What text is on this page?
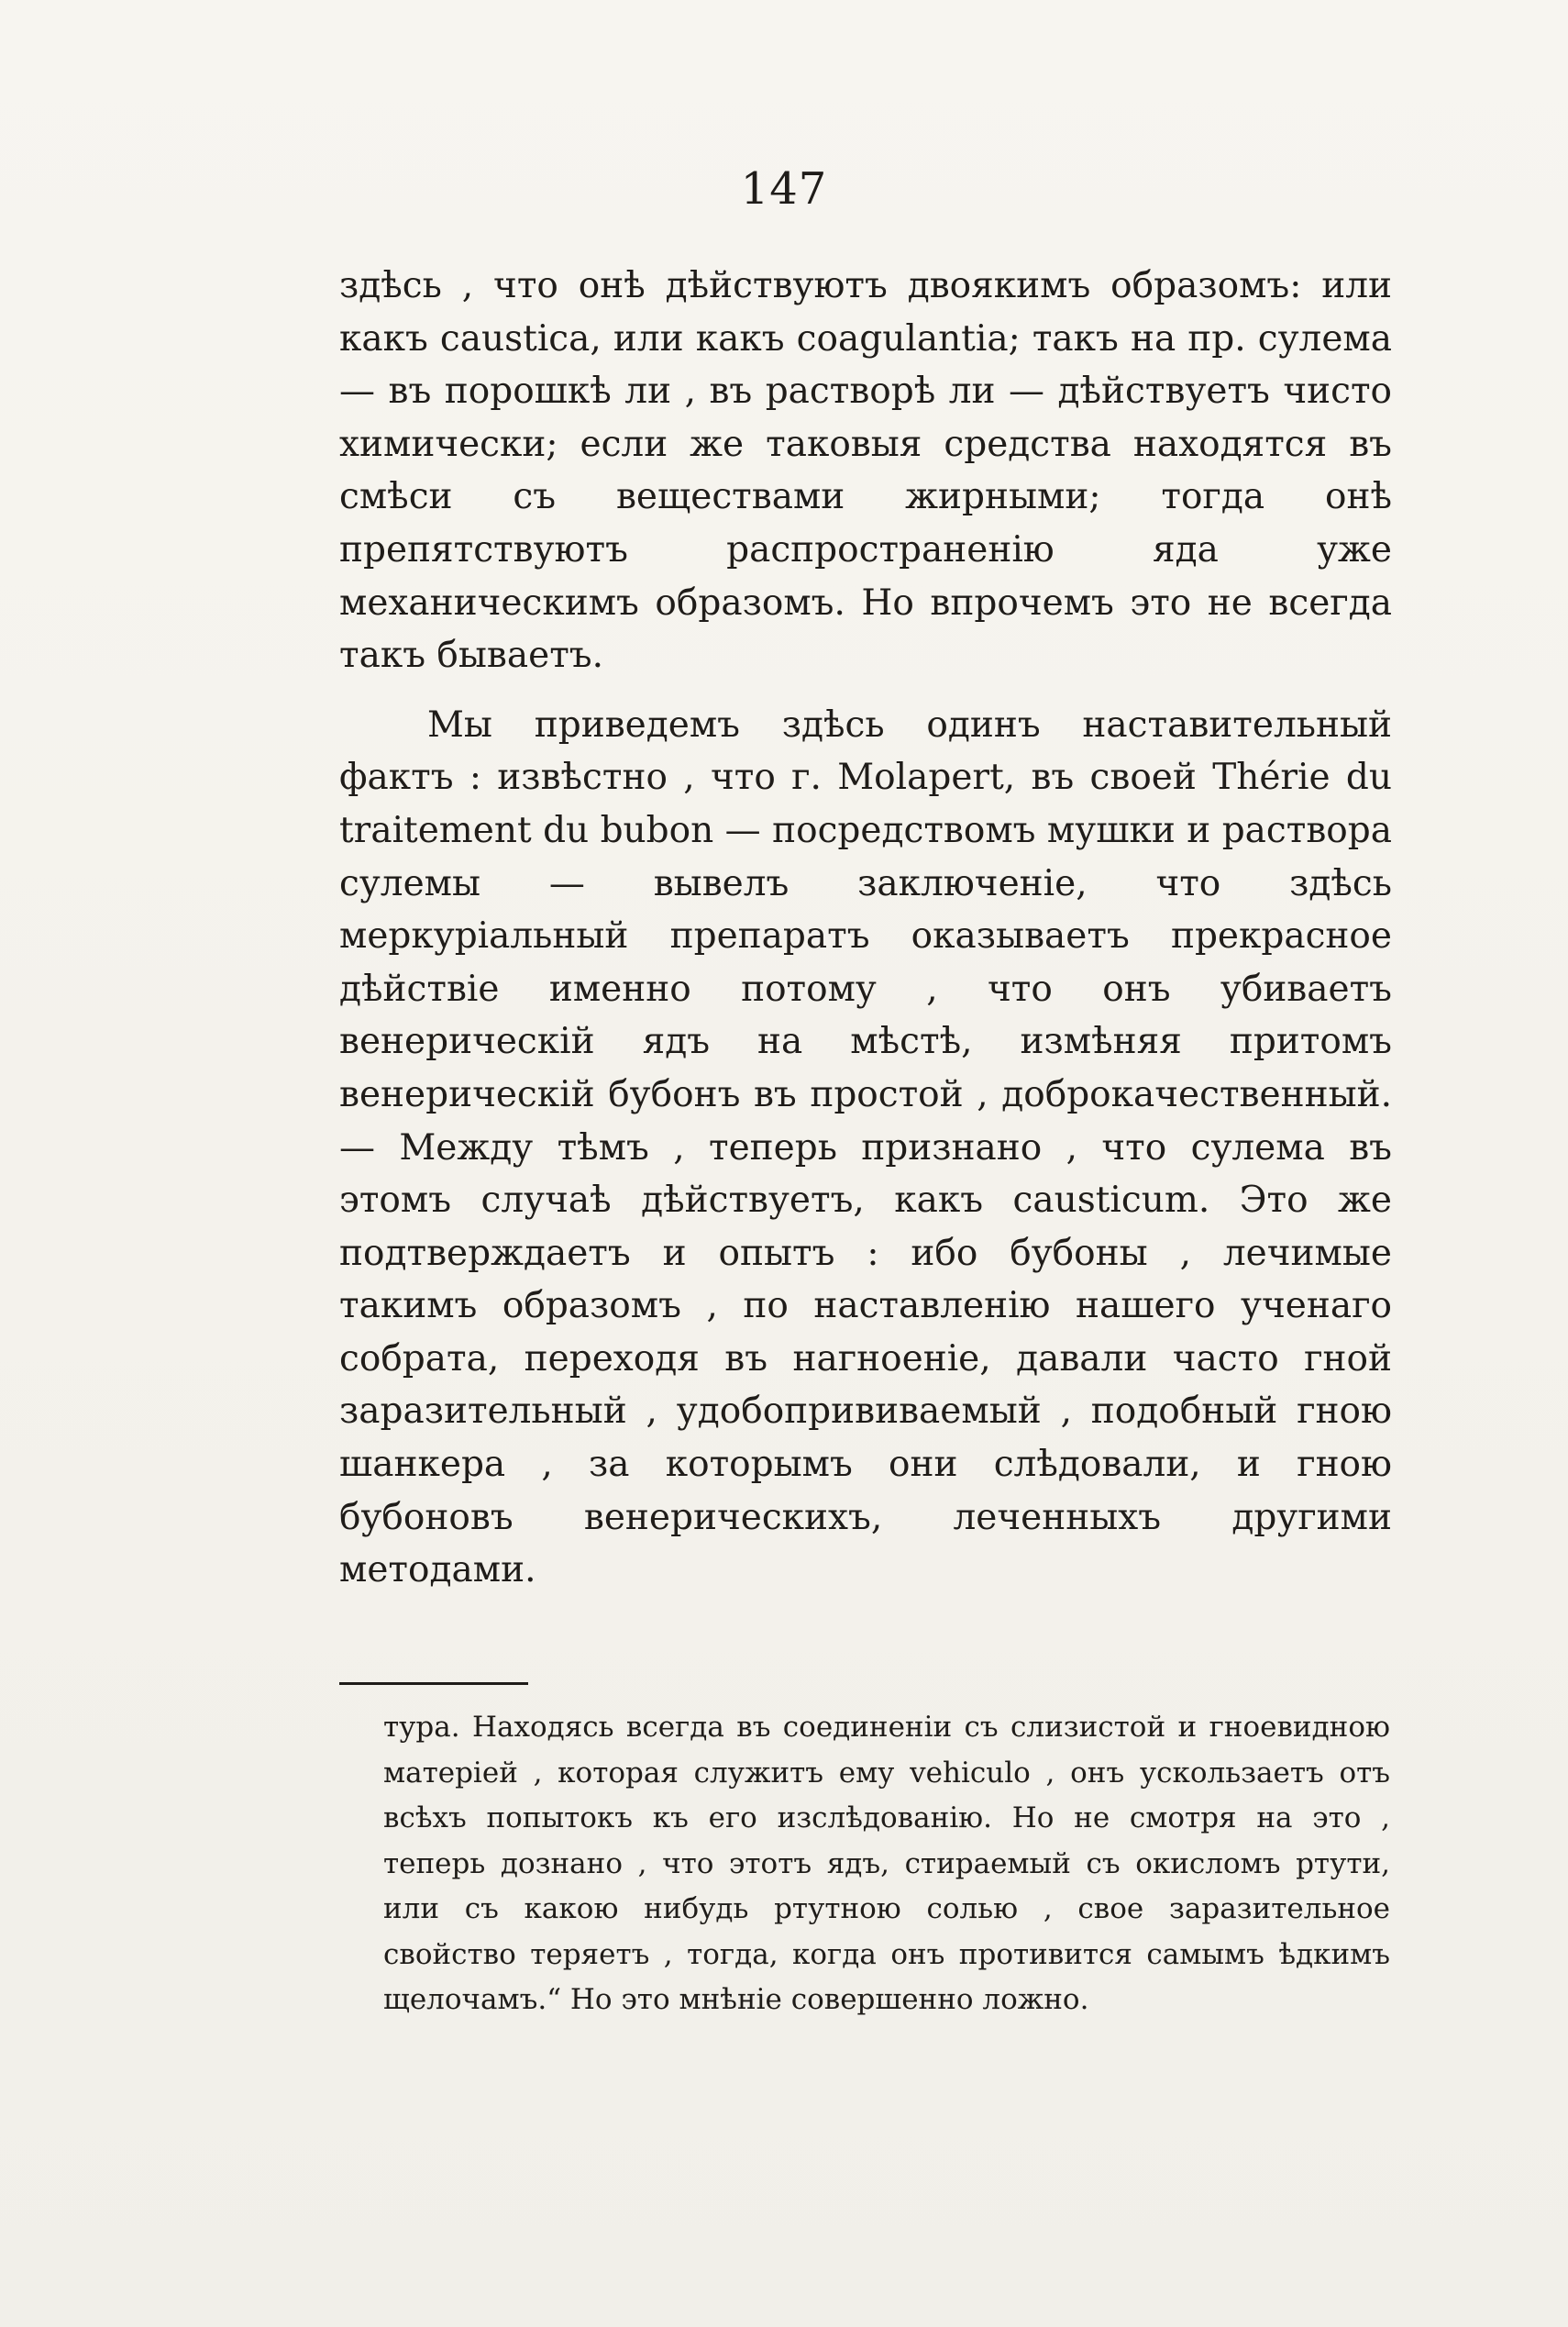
147

здѣсь , что онѣ дѣйствуютъ двоякимъ образомъ: или какъ caustica, или какъ coagulantia; такъ на пр. сулема — въ порошкѣ ли , въ растворѣ ли — дѣйствуетъ чисто химически; если же таковыя средства находятся въ смѣси съ веществами жирными; тогда онѣ препятствуютъ распространенію яда уже механическимъ образомъ. Но впрочемъ это не всегда такъ бываетъ.

Мы приведемъ здѣсь одинъ наставительный фактъ : извѣстно , что г. Molapert, въ своей Thérie du traitement du bubon — посредствомъ мушки и раствора сулемы — вывелъ заключеніе, что здѣсь меркуріальный препаратъ оказываетъ прекрасное дѣйствіе именно потому , что онъ убиваетъ венерическій ядъ на мѣстѣ, измѣняя притомъ венерическій бубонъ въ простой , доброкачественный. — Между тѣмъ , теперь признано , что сулема въ этомъ случаѣ дѣйствуетъ, какъ causticum. Это же подтверждаетъ и опытъ : ибо бубоны , лечимые такимъ образомъ , по наставленію нашего ученаго собрата, переходя въ нагноеніе, давали часто гной заразительный , удобопрививаемый , подобный гною шанкера , за которымъ они слѣдовали, и гною бубоновъ венерическихъ, леченныхъ другими методами.

тура. Находясь всегда въ соединеніи съ слизистой и гноевидною матеріей , которая служитъ ему vehiculo , онъ ускользаетъ отъ всѣхъ попытокъ къ его изслѣдованію. Но не смотря на это , теперь дознано , что этотъ ядъ, стираемый съ окисломъ ртути, или съ какою нибудь ртутною солью , свое заразительное свойство теряетъ , тогда, когда онъ противится самымъ ѣдкимъ щелочамъ.“ Но это мнѣніе совершенно ложно.
